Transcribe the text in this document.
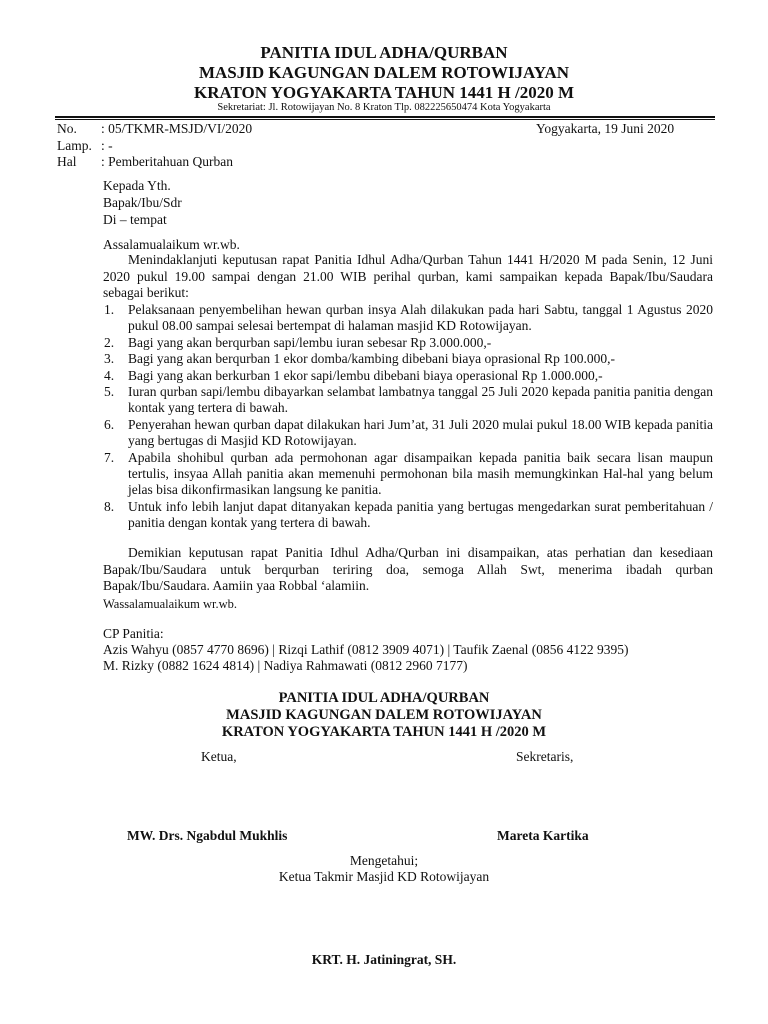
PANITIA IDUL ADHA/QURBAN
MASJID KAGUNGAN DALEM ROTOWIJAYAN
KRATON YOGYAKARTA TAHUN 1441 H /2020 M
Sekretariat: Jl. Rotowijayan No. 8 Kraton Tlp. 082225650474 Kota Yogyakarta
No. : 05/TKMR-MSJD/VI/2020	Yogyakarta, 19 Juni 2020
Lamp. : -
Hal : Pemberitahuan Qurban
Kepada Yth.
Bapak/Ibu/Sdr
Di – tempat
Assalamualaikum wr.wb.
Menindaklanjuti keputusan rapat Panitia Idhul Adha/Qurban Tahun 1441 H/2020 M pada Senin, 12 Juni 2020 pukul 19.00 sampai dengan 21.00 WIB perihal qurban, kami sampaikan kepada Bapak/Ibu/Saudara sebagai berikut:
1. Pelaksanaan penyembelihan hewan qurban insya Alah dilakukan pada hari Sabtu, tanggal 1 Agustus 2020 pukul 08.00 sampai selesai bertempat di halaman masjid KD Rotowijayan.
2. Bagi yang akan berqurban sapi/lembu iuran sebesar Rp 3.000.000,-
3. Bagi yang akan berqurban 1 ekor domba/kambing dibebani biaya oprasional Rp 100.000,-
4. Bagi yang akan berkurban 1 ekor sapi/lembu dibebani biaya operasional Rp 1.000.000,-
5. Iuran qurban sapi/lembu dibayarkan selambat lambatnya tanggal 25 Juli 2020 kepada panitia panitia dengan kontak yang tertera di bawah.
6. Penyerahan hewan qurban dapat dilakukan hari Jum’at, 31 Juli 2020 mulai pukul 18.00 WIB kepada panitia yang bertugas di Masjid KD Rotowijayan.
7. Apabila shohibul qurban ada permohonan agar disampaikan kepada panitia baik secara lisan maupun tertulis, insyaa Allah panitia akan memenuhi permohonan bila masih memungkinkan Hal-hal yang belum jelas bisa dikonfirmasikan langsung ke panitia.
8. Untuk info lebih lanjut dapat ditanyakan kepada panitia yang bertugas mengedarkan surat pemberitahuan / panitia dengan kontak yang tertera di bawah.
Demikian keputusan rapat Panitia Idhul Adha/Qurban ini disampaikan, atas perhatian dan kesediaan Bapak/Ibu/Saudara untuk berqurban teriring doa, semoga Allah Swt, menerima ibadah qurban Bapak/Ibu/Saudara. Aamiin yaa Robbal ‘alamiin.
Wassalamualaikum wr.wb.
CP Panitia:
Azis Wahyu (0857 4770 8696) | Rizqi Lathif (0812 3909 4071) | Taufik Zaenal (0856 4122 9395)
M. Rizky (0882 1624 4814) | Nadiya Rahmawati (0812 2960 7177)
PANITIA IDUL ADHA/QURBAN
MASJID KAGUNGAN DALEM ROTOWIJAYAN
KRATON YOGYAKARTA TAHUN 1441 H /2020 M
Ketua,	Sekretaris,
MW. Drs. Ngabdul Mukhlis	Mareta Kartika
Mengetahui;
Ketua Takmir Masjid KD Rotowijayan
KRT. H. Jatiningrat, SH.
